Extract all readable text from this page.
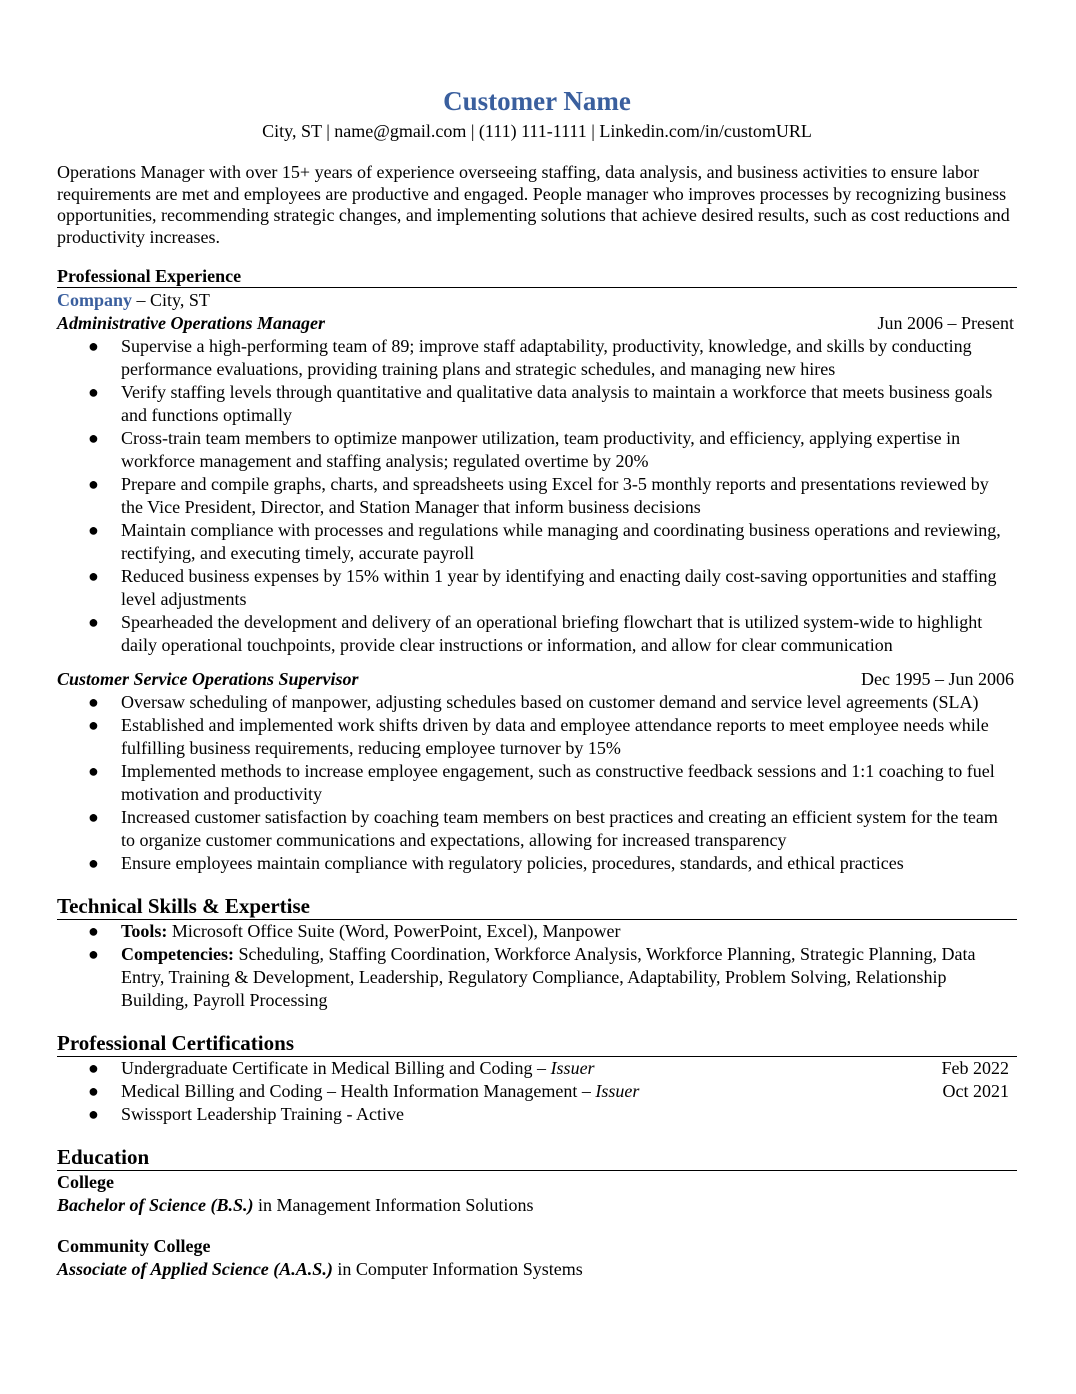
Customer Name
City, ST | name@gmail.com | (111) 111-1111 | Linkedin.com/in/customURL
Operations Manager with over 15+ years of experience overseeing staffing, data analysis, and business activities to ensure labor requirements are met and employees are productive and engaged. People manager who improves processes by recognizing business opportunities, recommending strategic changes, and implementing solutions that achieve desired results, such as cost reductions and productivity increases.
Professional Experience
Company – City, ST
Administrative Operations Manager	Jun 2006 – Present
● Supervise a high-performing team of 89; improve staff adaptability, productivity, knowledge, and skills by conducting performance evaluations, providing training plans and strategic schedules, and managing new hires
● Verify staffing levels through quantitative and qualitative data analysis to maintain a workforce that meets business goals and functions optimally
● Cross-train team members to optimize manpower utilization, team productivity, and efficiency, applying expertise in workforce management and staffing analysis; regulated overtime by 20%
● Prepare and compile graphs, charts, and spreadsheets using Excel for 3-5 monthly reports and presentations reviewed by the Vice President, Director, and Station Manager that inform business decisions
● Maintain compliance with processes and regulations while managing and coordinating business operations and reviewing, rectifying, and executing timely, accurate payroll
● Reduced business expenses by 15% within 1 year by identifying and enacting daily cost-saving opportunities and staffing level adjustments
● Spearheaded the development and delivery of an operational briefing flowchart that is utilized system-wide to highlight daily operational touchpoints, provide clear instructions or information, and allow for clear communication
Customer Service Operations Supervisor	Dec 1995 – Jun 2006
● Oversaw scheduling of manpower, adjusting schedules based on customer demand and service level agreements (SLA)
● Established and implemented work shifts driven by data and employee attendance reports to meet employee needs while fulfilling business requirements, reducing employee turnover by 15%
● Implemented methods to increase employee engagement, such as constructive feedback sessions and 1:1 coaching to fuel motivation and productivity
● Increased customer satisfaction by coaching team members on best practices and creating an efficient system for the team to organize customer communications and expectations, allowing for increased transparency
● Ensure employees maintain compliance with regulatory policies, procedures, standards, and ethical practices
Technical Skills & Expertise
● Tools: Microsoft Office Suite (Word, PowerPoint, Excel), Manpower
● Competencies: Scheduling, Staffing Coordination, Workforce Analysis, Workforce Planning, Strategic Planning, Data Entry, Training & Development, Leadership, Regulatory Compliance, Adaptability, Problem Solving, Relationship Building, Payroll Processing
Professional Certifications
● Undergraduate Certificate in Medical Billing and Coding – Issuer	Feb 2022
● Medical Billing and Coding – Health Information Management – Issuer	Oct 2021
● Swissport Leadership Training - Active
Education
College
Bachelor of Science (B.S.) in Management Information Solutions
Community College
Associate of Applied Science (A.A.S.) in Computer Information Systems
